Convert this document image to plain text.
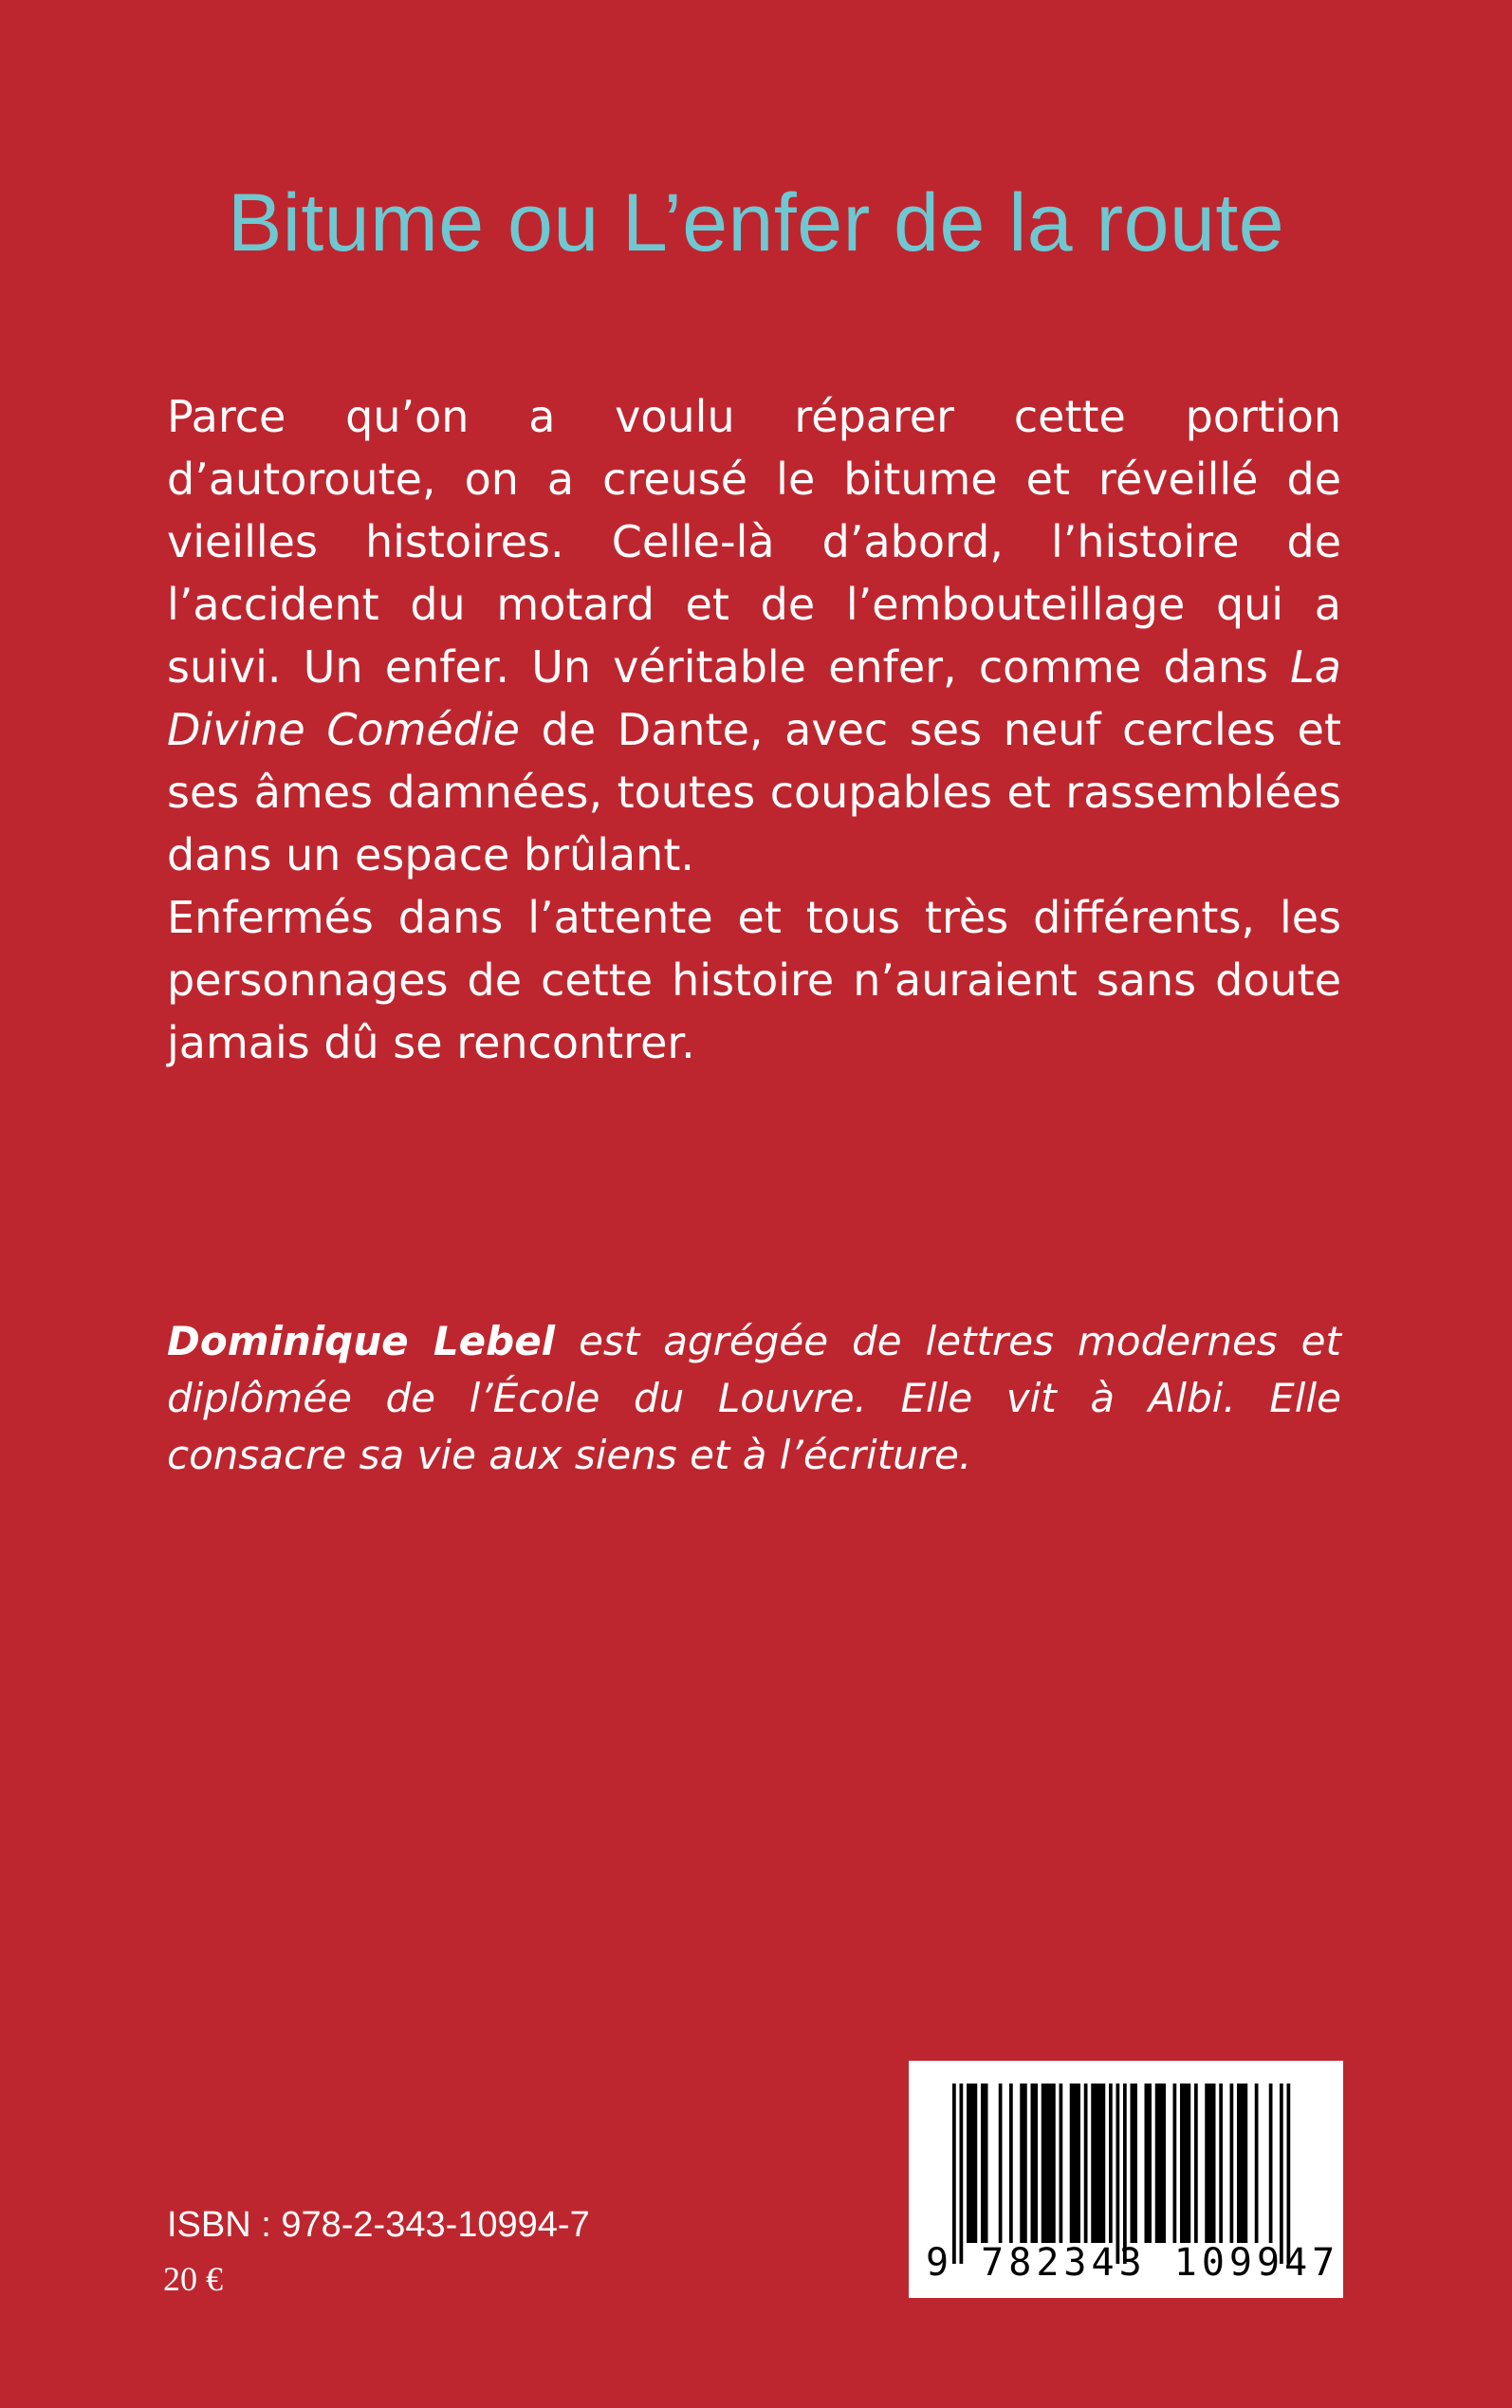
Bitume ou L’enfer de la route

Parce qu’on a voulu réparer cette portion d’autoroute, on a creusé le bitume et réveillé de vieilles histoires. Celle-là d’abord, l’histoire de l’accident du motard et de l’embouteillage qui a suivi. Un enfer. Un véritable enfer, comme dans La Divine Comédie de Dante, avec ses neuf cercles et ses âmes damnées, toutes coupables et rassemblées dans un espace brûlant.

Enfermés dans l’attente et tous très différents, les personnages de cette histoire n’auraient sans doute jamais dû se rencontrer.

Dominique Lebel est agrégée de lettres modernes et diplômée de l’École du Louvre. Elle vit à Albi. Elle consacre sa vie aux siens et à l’écriture.

ISBN : 978-2-343-10994-7

20 €	9 782343 109947
